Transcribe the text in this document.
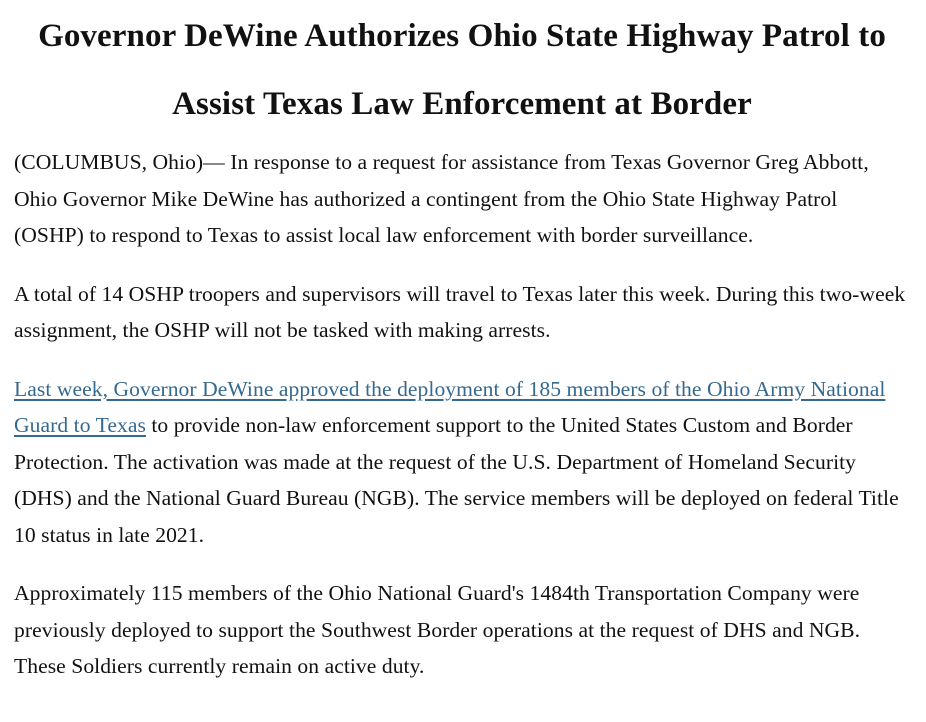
Governor DeWine Authorizes Ohio State Highway Patrol to Assist Texas Law Enforcement at Border

(COLUMBUS, Ohio)— In response to a request for assistance from Texas Governor Greg Abbott, Ohio Governor Mike DeWine has authorized a contingent from the Ohio State Highway Patrol (OSHP) to respond to Texas to assist local law enforcement with border surveillance.

A total of 14 OSHP troopers and supervisors will travel to Texas later this week. During this two-week assignment, the OSHP will not be tasked with making arrests.

Last week, Governor DeWine approved the deployment of 185 members of the Ohio Army National Guard to Texas to provide non-law enforcement support to the United States Custom and Border Protection. The activation was made at the request of the U.S. Department of Homeland Security (DHS) and the National Guard Bureau (NGB). The service members will be deployed on federal Title 10 status in late 2021.

Approximately 115 members of the Ohio National Guard's 1484th Transportation Company were previously deployed to support the Southwest Border operations at the request of DHS and NGB. These Soldiers currently remain on active duty.
